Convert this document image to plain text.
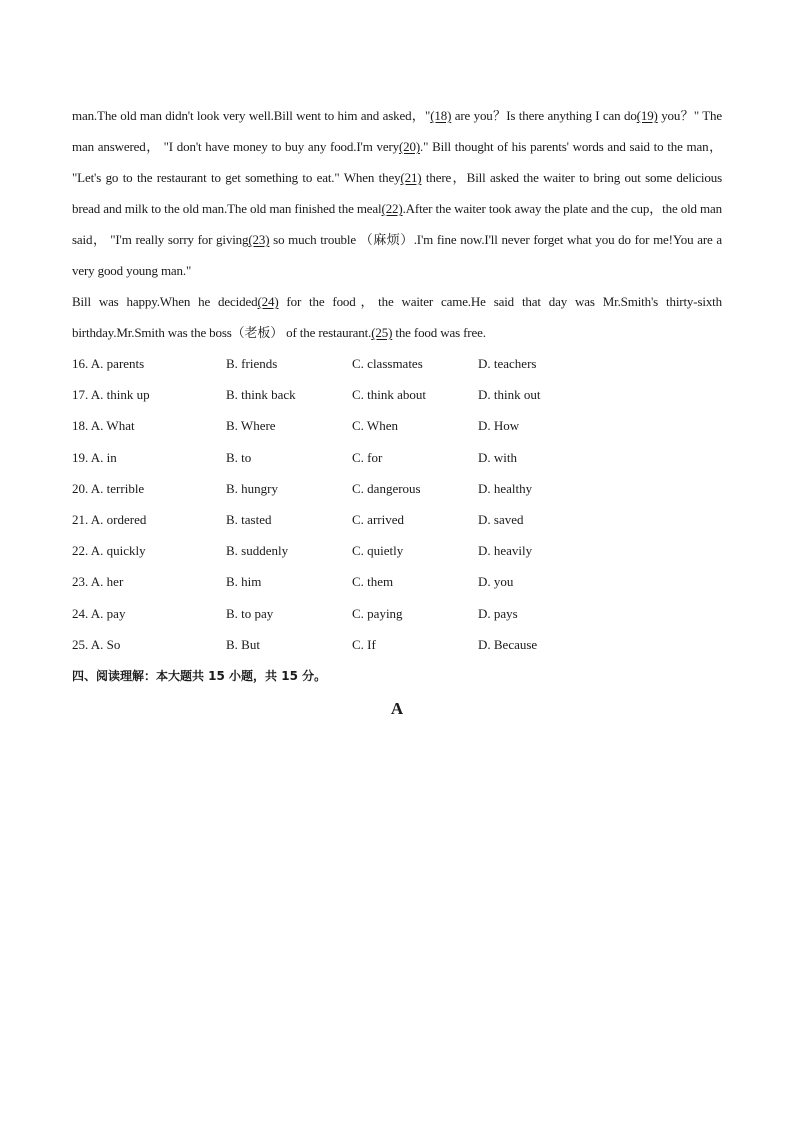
man.The old man didn't look very well.Bill went to him and asked，"(18) are you？Is there anything I can do(19) you？" The man answered， "I don't have money to buy any food.I'm very(20)." Bill thought of his parents' words and said to the man， "Let's go to the restaurant to get something to eat." When they(21) there，Bill asked the waiter to bring out some delicious bread and milk to the old man.The old man finished the meal(22).After the waiter took away the plate and the cup，the old man said， "I'm really sorry for giving(23) so much trouble （麻烦）.I'm fine now.I'll never forget what you do for me!You are a very good young man."

Bill was happy.When he decided(24) for the food，the waiter came.He said that day was Mr.Smith's thirty-sixth birthday.Mr.Smith was the boss（老板） of the restaurant.(25) the food was free.

16. A. parents	B. friends	C. classmates	D. teachers
17. A. think up	B. think back	C. think about	D. think out
18. A. What	B. Where	C. When	D. How
19. A. in	B. to	C. for	D. with
20. A. terrible	B. hungry	C. dangerous	D. healthy
21. A. ordered	B. tasted	C. arrived	D. saved
22. A. quickly	B. suddenly	C. quietly	D. heavily
23. A. her	B. him	C. them	D. you
24. A. pay	B. to pay	C. paying	D. pays
25. A. So	B. But	C. If	D. Because

四、阅读理解：本大题共 15 小题，共 15 分。

A
